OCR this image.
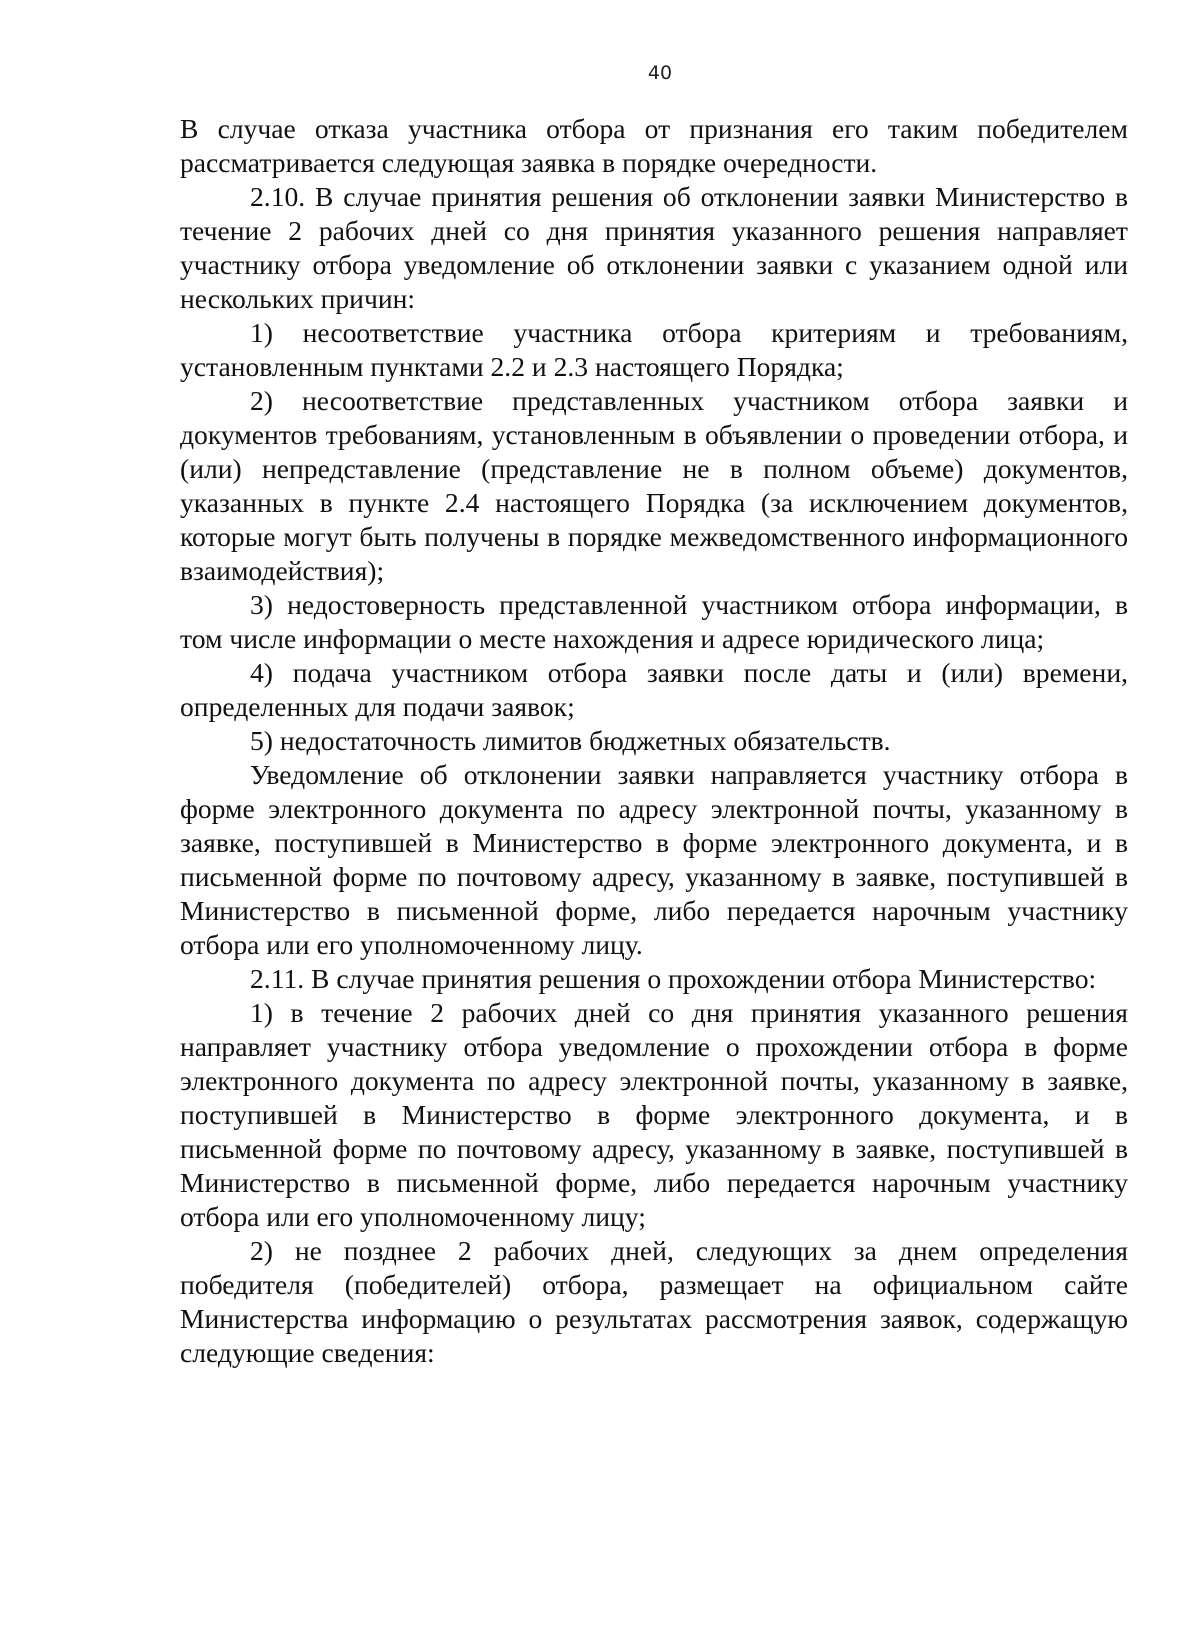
40

В случае отказа участника отбора от признания его таким победителем рассматривается следующая заявка в порядке очередности.

2.10. В случае принятия решения об отклонении заявки Министерство в течение 2 рабочих дней со дня принятия указанного решения направляет участнику отбора уведомление об отклонении заявки с указанием одной или нескольких причин:

1) несоответствие участника отбора критериям и требованиям, установленным пунктами 2.2 и 2.3 настоящего Порядка;

2) несоответствие представленных участником отбора заявки и документов требованиям, установленным в объявлении о проведении отбора, и (или) непредставление (представление не в полном объеме) документов, указанных в пункте 2.4 настоящего Порядка (за исключением документов, которые могут быть получены в порядке межведомственного информационного взаимодействия);

3) недостоверность представленной участником отбора информации, в том числе информации о месте нахождения и адресе юридического лица;

4) подача участником отбора заявки после даты и (или) времени, определенных для подачи заявок;

5) недостаточность лимитов бюджетных обязательств.

Уведомление об отклонении заявки направляется участнику отбора в форме электронного документа по адресу электронной почты, указанному в заявке, поступившей в Министерство в форме электронного документа, и в письменной форме по почтовому адресу, указанному в заявке, поступившей в Министерство в письменной форме, либо передается нарочным участнику отбора или его уполномоченному лицу.

2.11. В случае принятия решения о прохождении отбора Министерство:

1) в течение 2 рабочих дней со дня принятия указанного решения направляет участнику отбора уведомление о прохождении отбора в форме электронного документа по адресу электронной почты, указанному в заявке, поступившей в Министерство в форме электронного документа, и в письменной форме по почтовому адресу, указанному в заявке, поступившей в Министерство в письменной форме, либо передается нарочным участнику отбора или его уполномоченному лицу;

2) не позднее 2 рабочих дней, следующих за днем определения победителя (победителей) отбора, размещает на официальном сайте Министерства информацию о результатах рассмотрения заявок, содержащую следующие сведения:
